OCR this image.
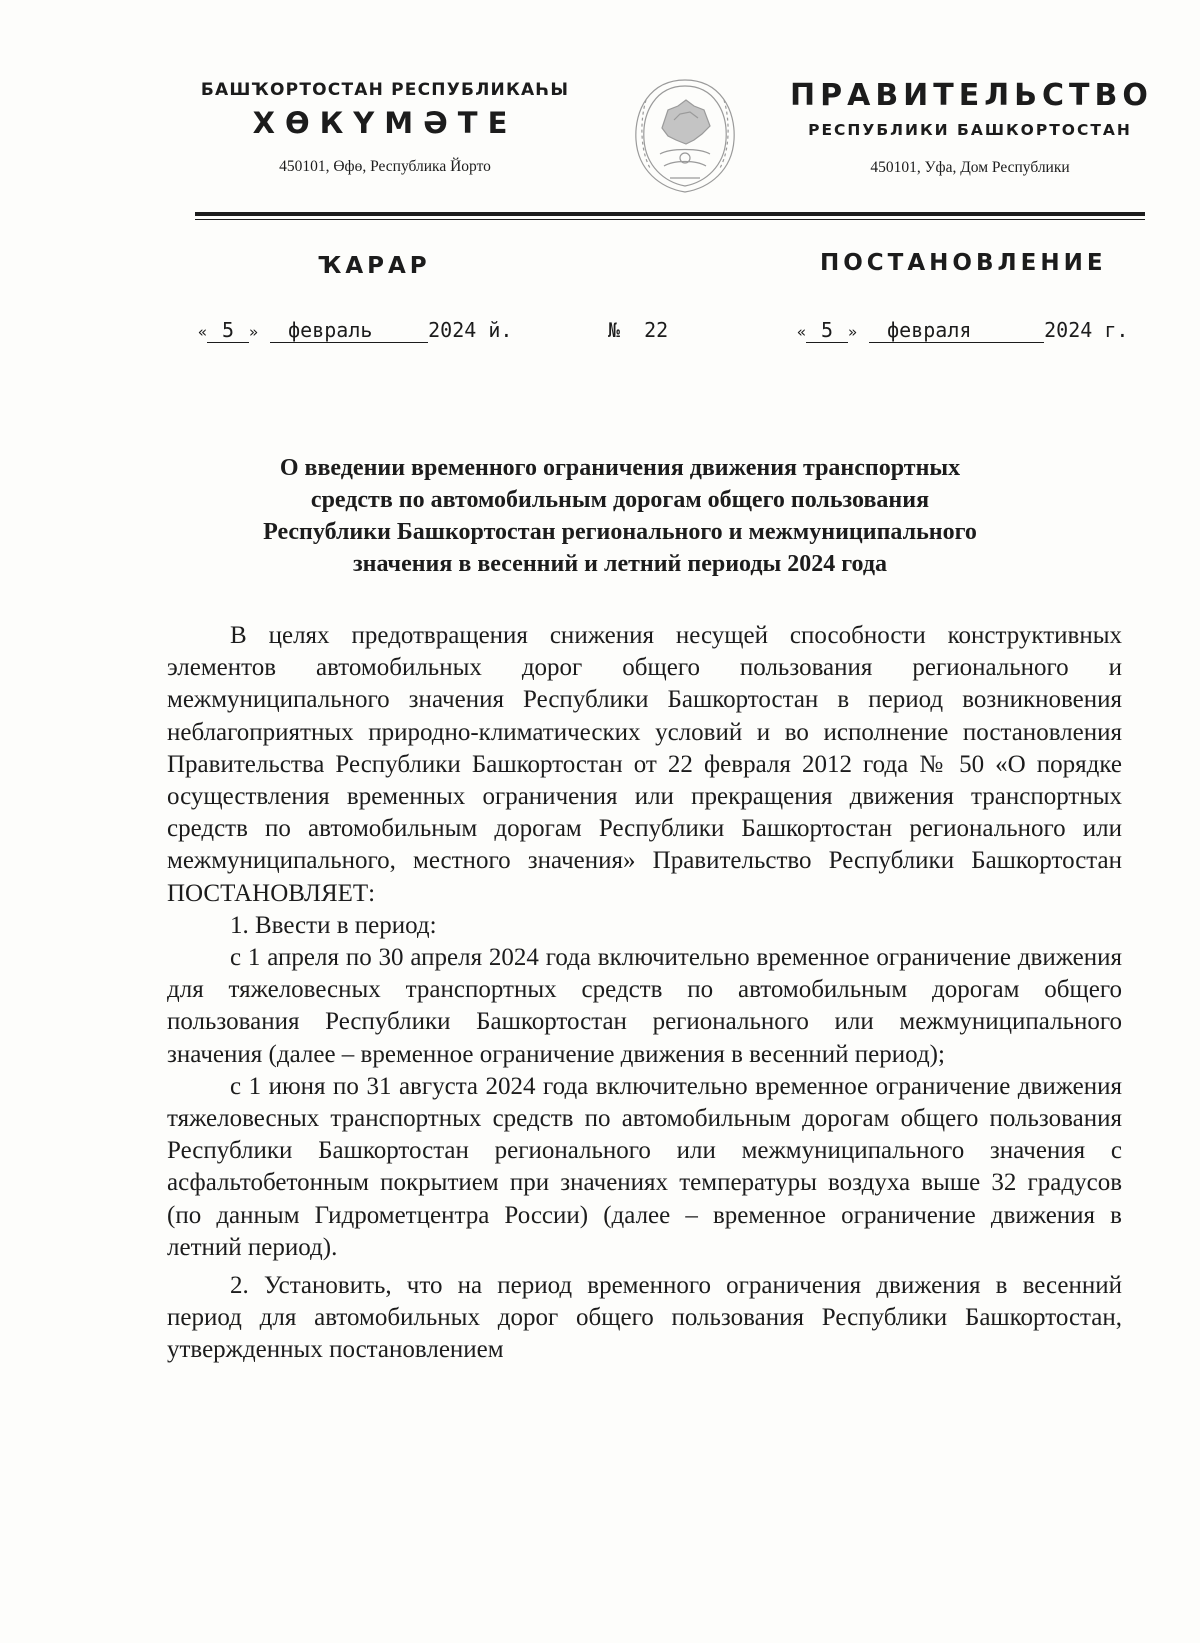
БАШҠОРТОСТАН РЕСПУБЛИКАҺЫ
ХӨКҮМӘТЕ
450101, Өфө, Республика Йорто
ПРАВИТЕЛЬСТВО
РЕСПУБЛИКИ БАШКОРТОСТАН
450101, Уфа, Дом Республики
ҠАРАР	ПОСТАНОВЛЕНИЕ
« 5 » февраль	2024 й.	№ 22	« 5 » февраля	2024 г.
О введении временного ограничения движения транспортных
средств по автомобильным дорогам общего пользования
Республики Башкортостан регионального и межмуниципального
значения в весенний и летний периоды 2024 года

В целях предотвращения снижения несущей способности конструктивных элементов автомобильных дорог общего пользования регионального и межмуниципального значения Республики Башкортостан в период возникновения неблагоприятных природно-климатических условий и во исполнение постановления Правительства Республики Башкортостан от 22 февраля 2012 года № 50 «О порядке осуществления временных ограничения или прекращения движения транспортных средств по автомобильным дорогам Республики Башкортостан регионального или межмуниципального, местного значения» Правительство Республики Башкортостан ПОСТАНОВЛЯЕТ:

1. Ввести в период:

с 1 апреля по 30 апреля 2024 года включительно временное ограничение движения для тяжеловесных транспортных средств по автомобильным дорогам общего пользования Республики Башкортостан регионального или межмуниципального значения (далее – временное ограничение движения в весенний период);

с 1 июня по 31 августа 2024 года включительно временное ограничение движения тяжеловесных транспортных средств по автомобильным дорогам общего пользования Республики Башкортостан регионального или межмуниципального значения с асфальтобетонным покрытием при значениях температуры воздуха выше 32 градусов (по данным Гидрометцентра России) (далее – временное ограничение движения в летний период).

2. Установить, что на период временного ограничения движения в весенний период для автомобильных дорог общего пользования Республики Башкортостан, утвержденных постановлением
